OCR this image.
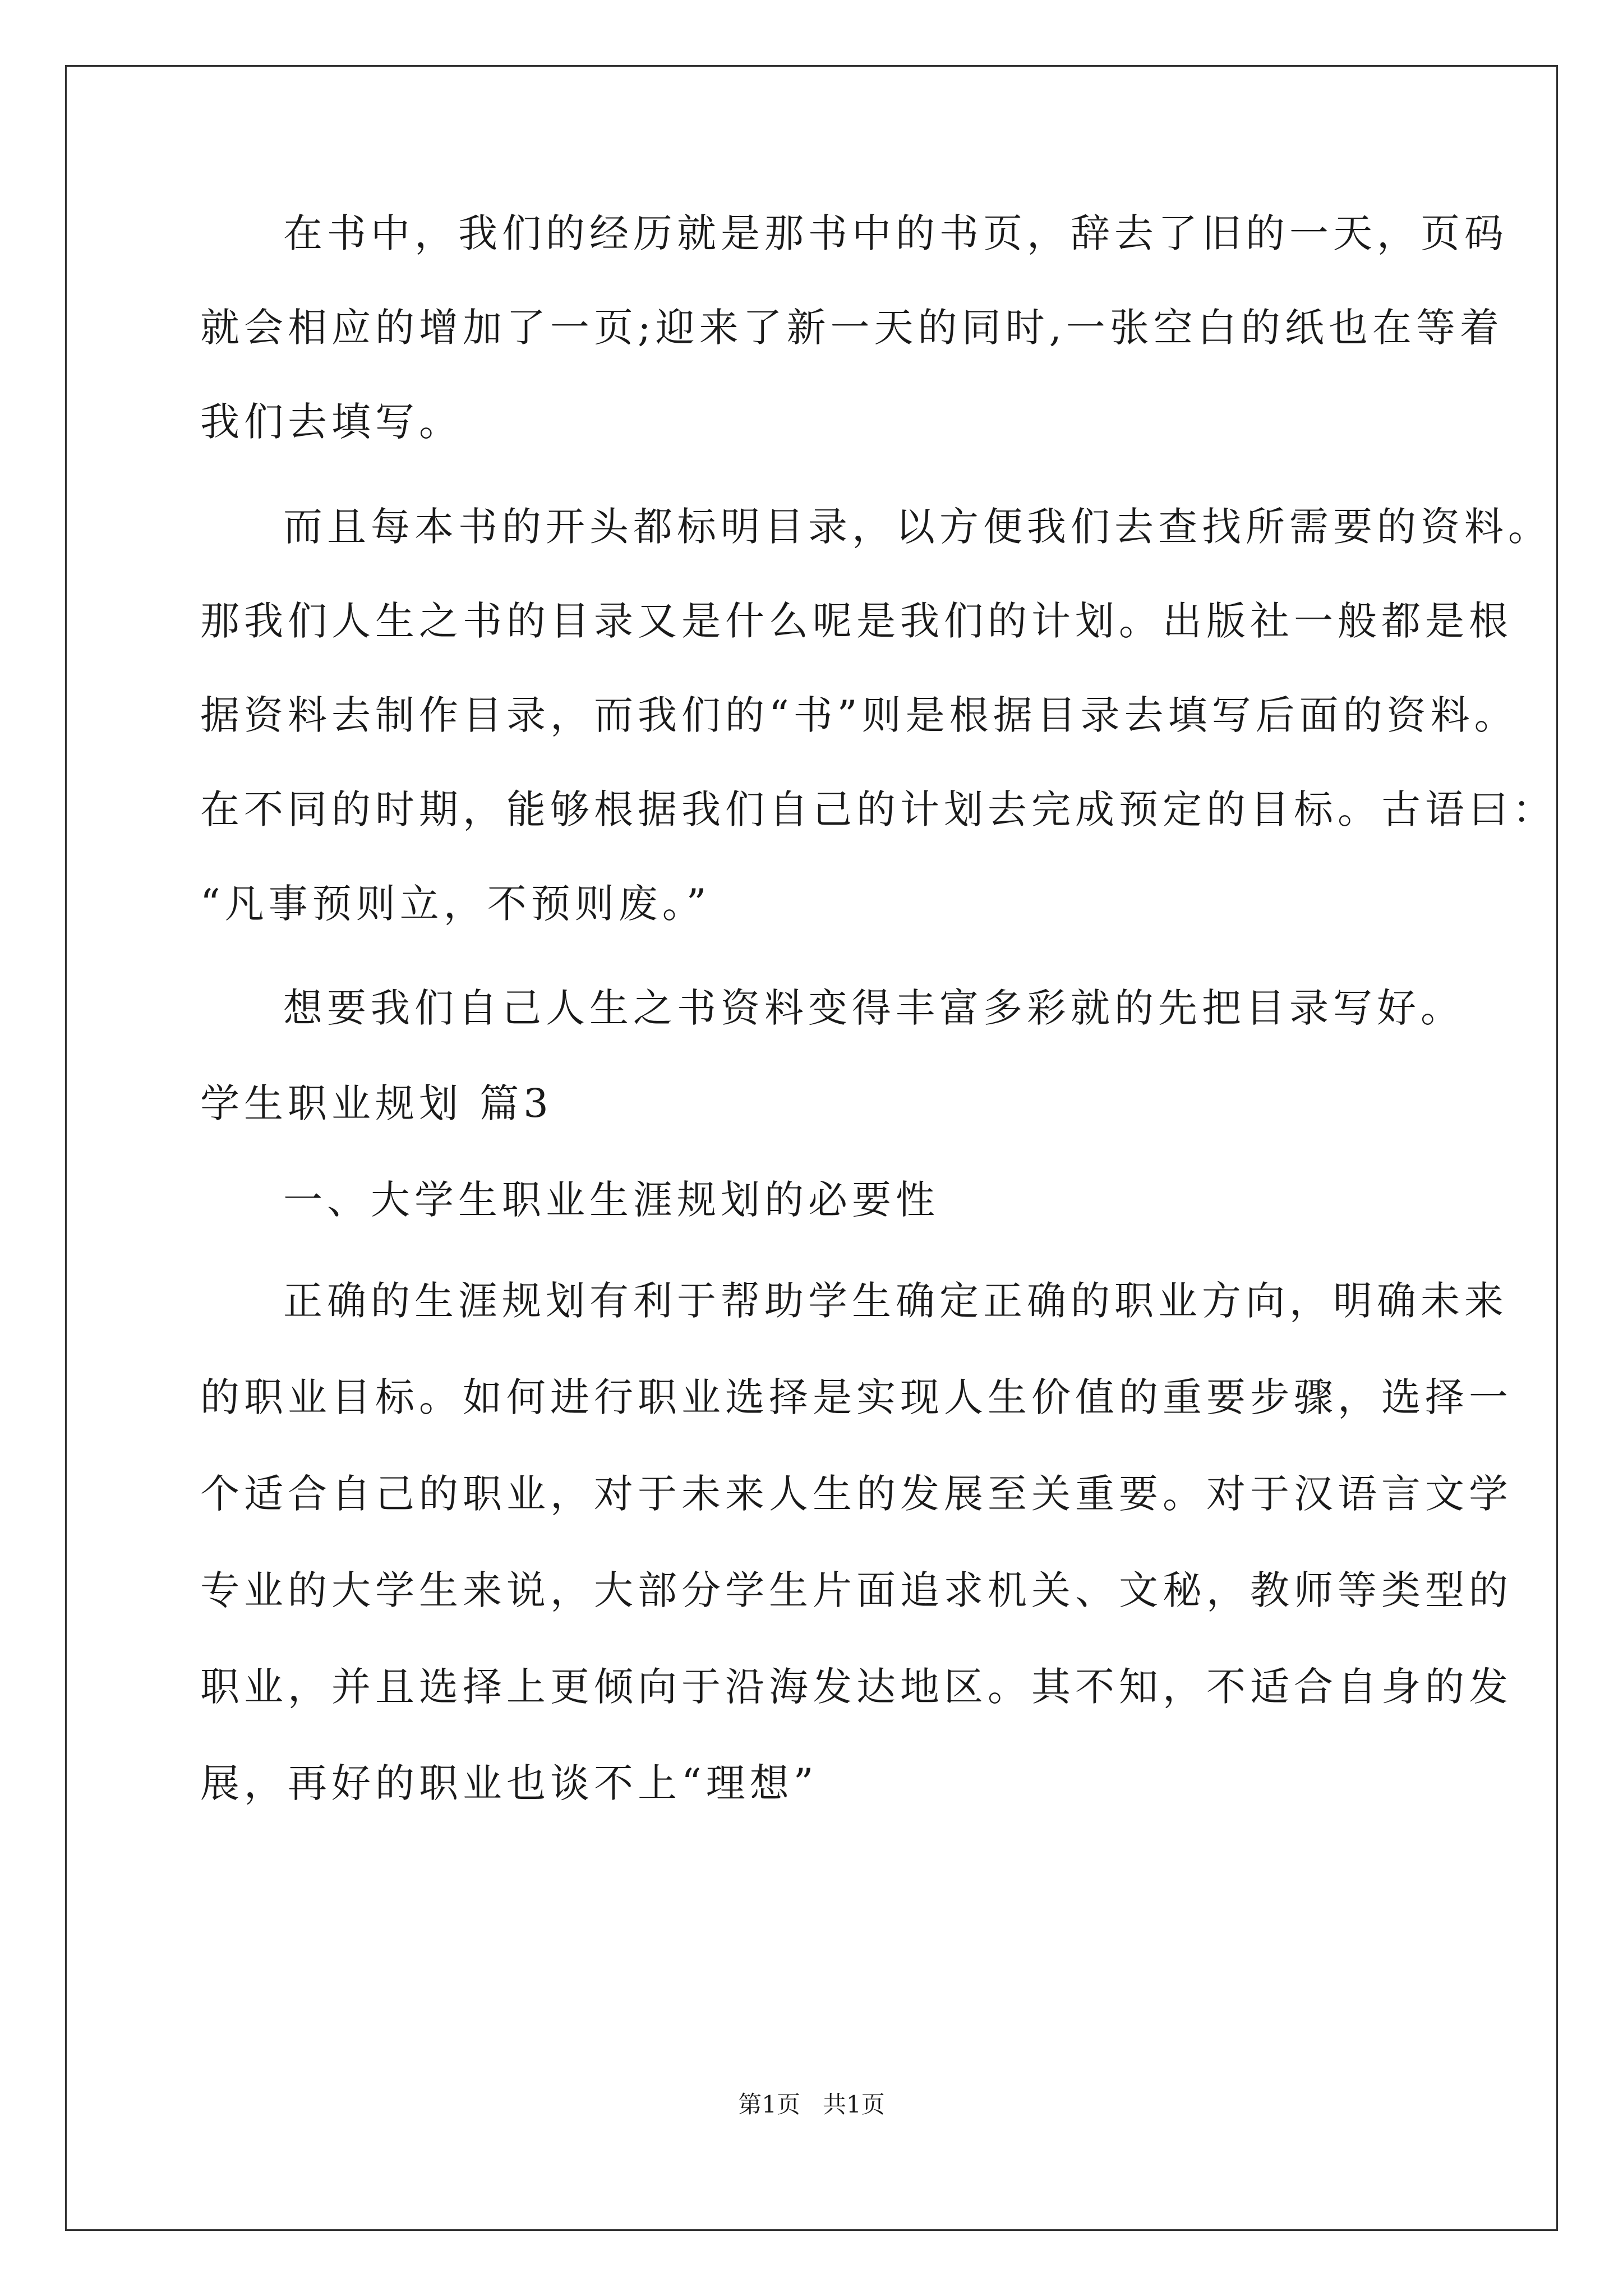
在书中，我们的经历就是那书中的书页，辞去了旧的一天，页码
就会相应的增加了一页;迎来了新一天的同时,一张空白的纸也在等着
我们去填写。
而且每本书的开头都标明目录，以方便我们去查找所需要的资料。
那我们人生之书的目录又是什么呢是我们的计划。出版社一般都是根
据资料去制作目录，而我们的“书”则是根据目录去填写后面的资料。
在不同的时期，能够根据我们自己的计划去完成预定的目标。古语曰：
“凡事预则立，不预则废。”
想要我们自己人生之书资料变得丰富多彩就的先把目录写好。
学生职业规划 篇3
一、大学生职业生涯规划的必要性
正确的生涯规划有利于帮助学生确定正确的职业方向，明确未来
的职业目标。如何进行职业选择是实现人生价值的重要步骤，选择一
个适合自己的职业，对于未来人生的发展至关重要。对于汉语言文学
专业的大学生来说，大部分学生片面追求机关、文秘，教师等类型的
职业，并且选择上更倾向于沿海发达地区。其不知，不适合自身的发
展，再好的职业也谈不上“理想”
第1页   共1页
